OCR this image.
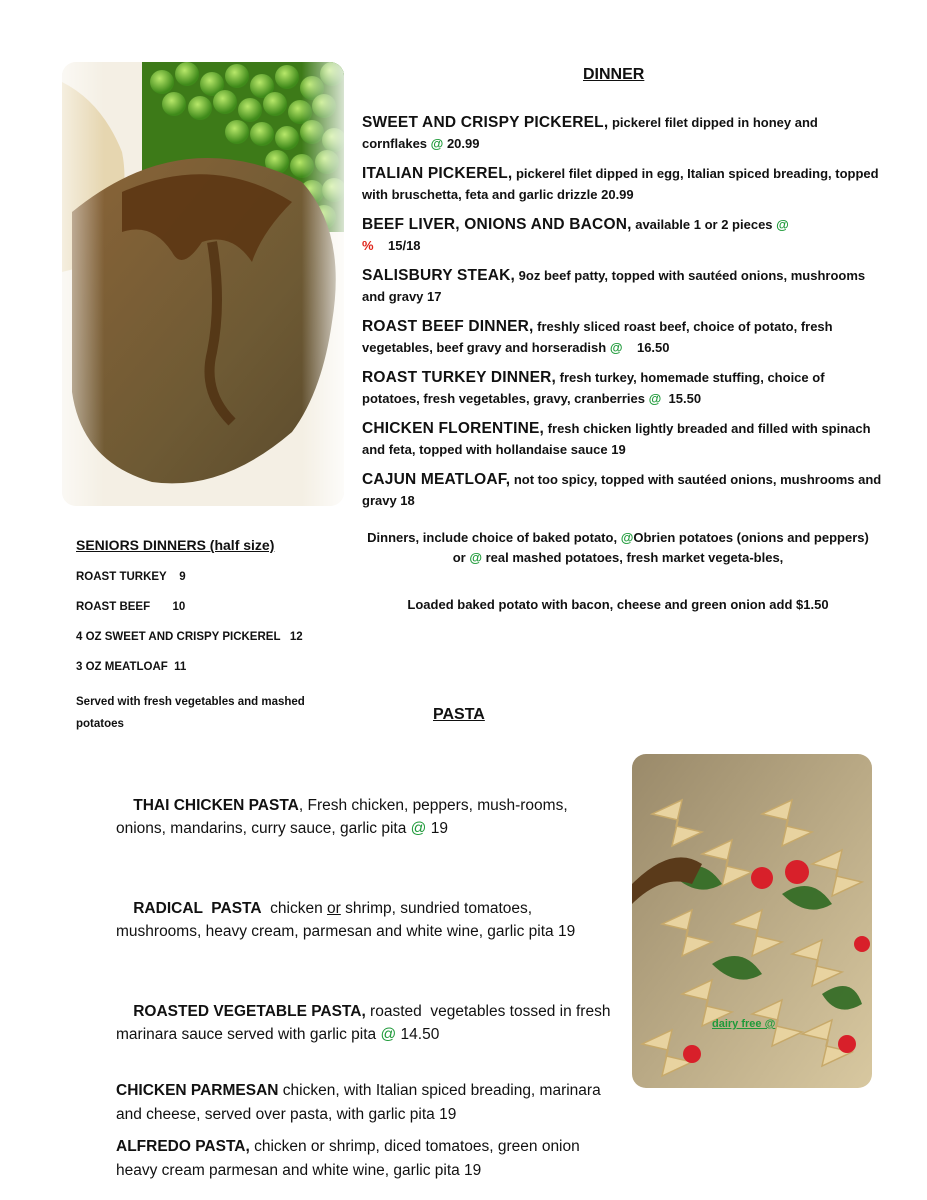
DINNER
SWEET AND CRISPY PICKEREL, pickerel filet dipped in honey and cornflakes @ 20.99
ITALIAN PICKEREL, pickerel filet dipped in egg, Italian spiced breading, topped with bruschetta, feta and garlic drizzle 20.99
BEEF LIVER, ONIONS AND BACON, available 1 or 2 pieces @
%    15/18
SALISBURY STEAK, 9oz beef patty, topped with sautéed onions, mushrooms and gravy 17
ROAST BEEF DINNER, freshly sliced roast beef, choice of potato, fresh vegetables, beef gravy and horseradish @    16.50
ROAST TURKEY DINNER, fresh turkey, homemade stuffing, choice of potatoes, fresh vegetables, gravy, cranberries @  15.50
CHICKEN FLORENTINE, fresh chicken lightly breaded and filled with spinach and feta, topped with hollandaise sauce 19
CAJUN MEATLOAF, not too spicy, topped with sautéed onions, mushrooms and gravy 18
Dinners, include choice of baked potato, @Obrien potatoes (onions and peppers) or @ real mashed potatoes, fresh market vegeta-bles,
Loaded baked potato with bacon, cheese and green onion add $1.50
SENIORS DINNERS (half size)
ROAST TURKEY    9
ROAST BEEF       10
4 OZ SWEET AND CRISPY PICKEREL   12
3 OZ MEATLOAF  11
Served with fresh vegetables and mashed potatoes
PASTA

THAI CHICKEN PASTA, Fresh chicken, peppers, mush-rooms,          onions, mandarins, curry sauce, garlic pita @ 19

RADICAL  PASTA  chicken or shrimp, sundried tomatoes, mushrooms, heavy cream, parmesan and white wine, garlic pita 19

ROASTED VEGETABLE PASTA, roasted  vegetables tossed in fresh marinara sauce served with garlic pita @ 14.50

CHICKEN PARMESAN chicken, with Italian spiced breading, marinara and cheese, served over pasta, with garlic pita 19
ALFREDO PASTA, chicken or shrimp, diced tomatoes, green onion heavy cream parmesan and white wine, garlic pita 19
dairy free @
